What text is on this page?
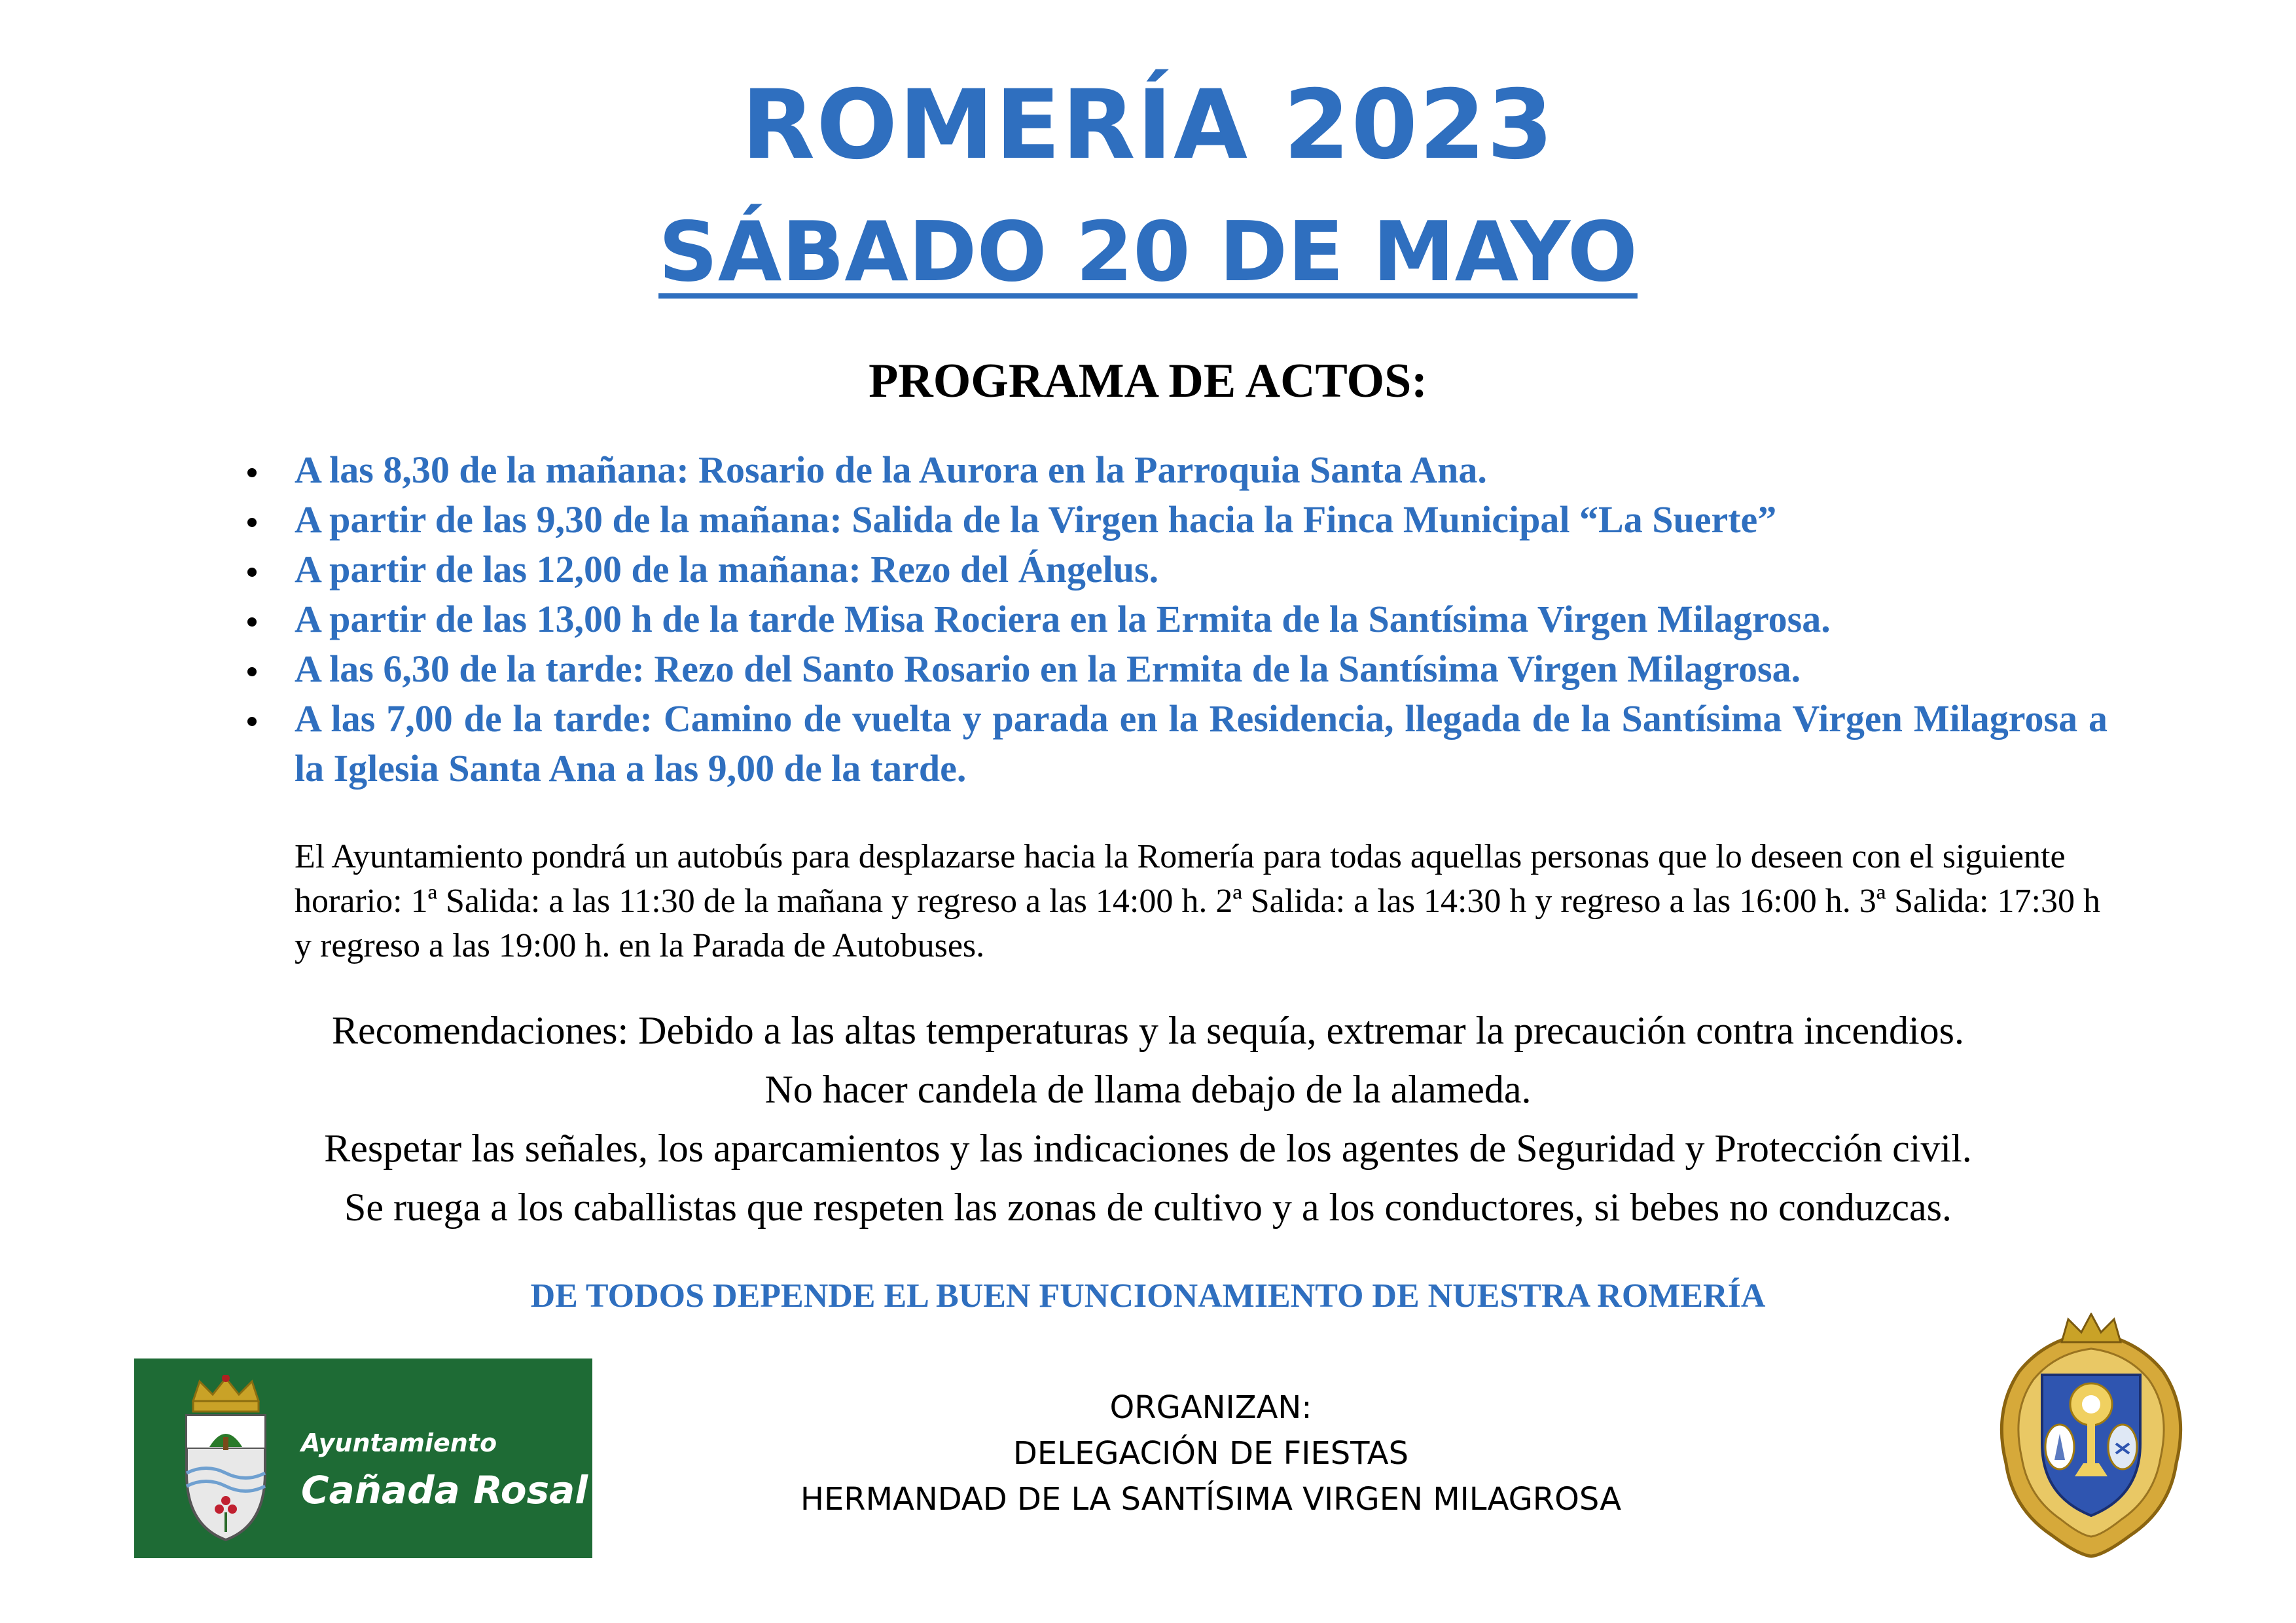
ROMERÍA 2023
SÁBADO 20 DE MAYO
PROGRAMA DE ACTOS:
A las 8,30 de la mañana: Rosario de la Aurora en la Parroquia Santa Ana.
A partir de las 9,30 de la mañana: Salida de la Virgen hacia la Finca Municipal “La Suerte”
A partir de las 12,00 de la mañana: Rezo del Ángelus.
A partir de las 13,00 h de la tarde Misa Rociera en la Ermita de la Santísima Virgen Milagrosa.
A las 6,30 de la tarde: Rezo del Santo Rosario en la Ermita de la Santísima Virgen Milagrosa.
A las 7,00 de la tarde: Camino de vuelta y parada en la Residencia, llegada de la Santísima Virgen Milagrosa a la Iglesia Santa Ana a las 9,00 de la tarde.
El Ayuntamiento pondrá un autobús para desplazarse hacia la Romería para todas aquellas personas que lo deseen con el siguiente horario: 1ª Salida: a las 11:30 de la mañana y regreso a las 14:00 h. 2ª Salida: a las 14:30 h y regreso a las 16:00 h. 3ª Salida: 17:30 h y regreso a las 19:00 h. en la Parada de Autobuses.
Recomendaciones: Debido a las altas temperaturas y la sequía, extremar la precaución contra incendios.
No hacer candela de llama debajo de la alameda.
Respetar las señales, los aparcamientos y las indicaciones de los agentes de Seguridad y Protección civil.
Se ruega a los caballistas que respeten las zonas de cultivo y a los conductores, si bebes no conduzcas.
DE TODOS DEPENDE EL BUEN FUNCIONAMIENTO DE NUESTRA ROMERÍA
Ayuntamiento
Cañada Rosal
ORGANIZAN:
DELEGACIÓN DE FIESTAS
HERMANDAD DE LA SANTÍSIMA VIRGEN MILAGROSA
